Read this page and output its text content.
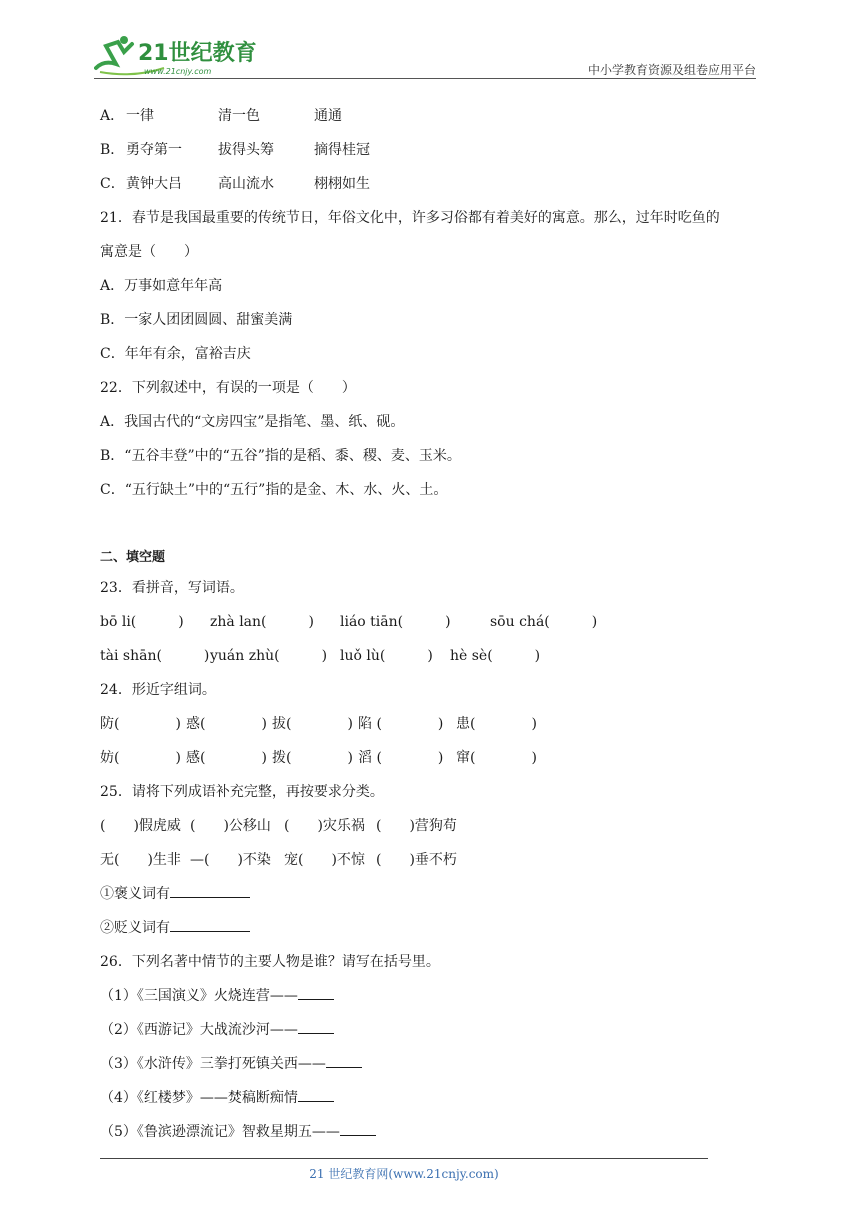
21世纪教育
www.21cnjy.com	中小学教育资源及组卷应用平台
A． 一律	清一色	通通
B． 勇夺第一	拔得头筹	摘得桂冠
C．黄钟大吕	高山流水	栩栩如生
21．春节是我国最重要的传统节日，年俗文化中，许多习俗都有着美好的寓意。那么，过年时吃鱼的
寓意是（　　）
A．万事如意年年高
B．一家人团团圆圆、甜蜜美满
C．年年有余，富裕吉庆
22．下列叙述中，有误的一项是（　　）
A．我国古代的“文房四宝”是指笔、墨、纸、砚。
B．“五谷丰登”中的“五谷”指的是稻、黍、稷、麦、玉米。
C．“五行缺土”中的“五行”指的是金、木、水、火、土。
二、填空题
23．看拼音，写词语。
bō li(　　　) zhà lan(　　　) liáo tiān(　　　)	sōu chá(　　　)
tài shān(　　　)yuán zhù(　　　) luǒ lù(　　　) hè sè(　　　)
24．形近字组词。
防(　　　　) 惑(　　　　) 拔(　　　　) 陷 (　　　　) 患(　　　　)
妨(　　　　) 感(　　　　) 拨(　　　　) 滔 (　　　　) 窜(　　　　)
25．请将下列成语补充完整，再按要求分类。
(　　)假虎威 (　　)公移山 (　　)灾乐祸 (　　)营狗苟
无(　　)生非 —(　　)不染 宠(　　)不惊 (　　)垂不朽
①褒义词有
②贬义词有
26．下列名著中情节的主要人物是谁？请写在括号里。
（1）《三国演义》火烧连营——
（2）《西游记》大战流沙河——
（3）《水浒传》三拳打死镇关西——
（4）《红楼梦》——焚稿断痴情
（5）《鲁滨逊漂流记》智救星期五——
21 世纪教育网(www.21cnjy.com)
